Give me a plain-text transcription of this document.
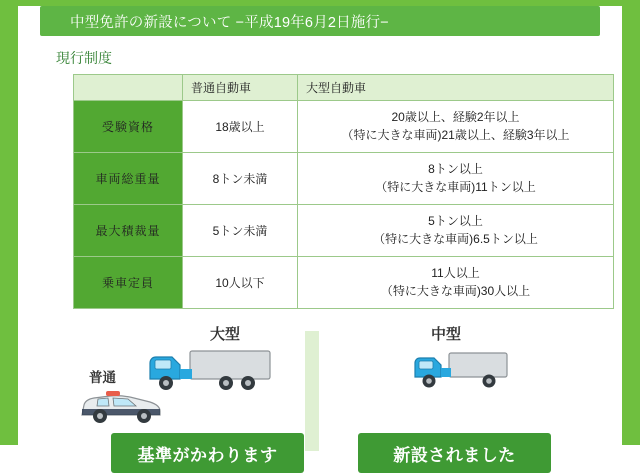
中型免許の新設について −平成19年6月2日施行−
現行制度
	普通自動車	大型自動車
受験資格	18歳以上	20歳以上、経験2年以上
（特に大きな車両)21歳以上、経験3年以上

車両総重量	8トン未満	8トン以上
（特に大きな車両)11トン以上

最大積裁量	5トン未満	5トン以上
（特に大きな車両)6.5トン以上

乗車定員	10人以下	11人以上
（特に大きな車両)30人以上
大型	中型
普通
基準がかわります	新設されました
